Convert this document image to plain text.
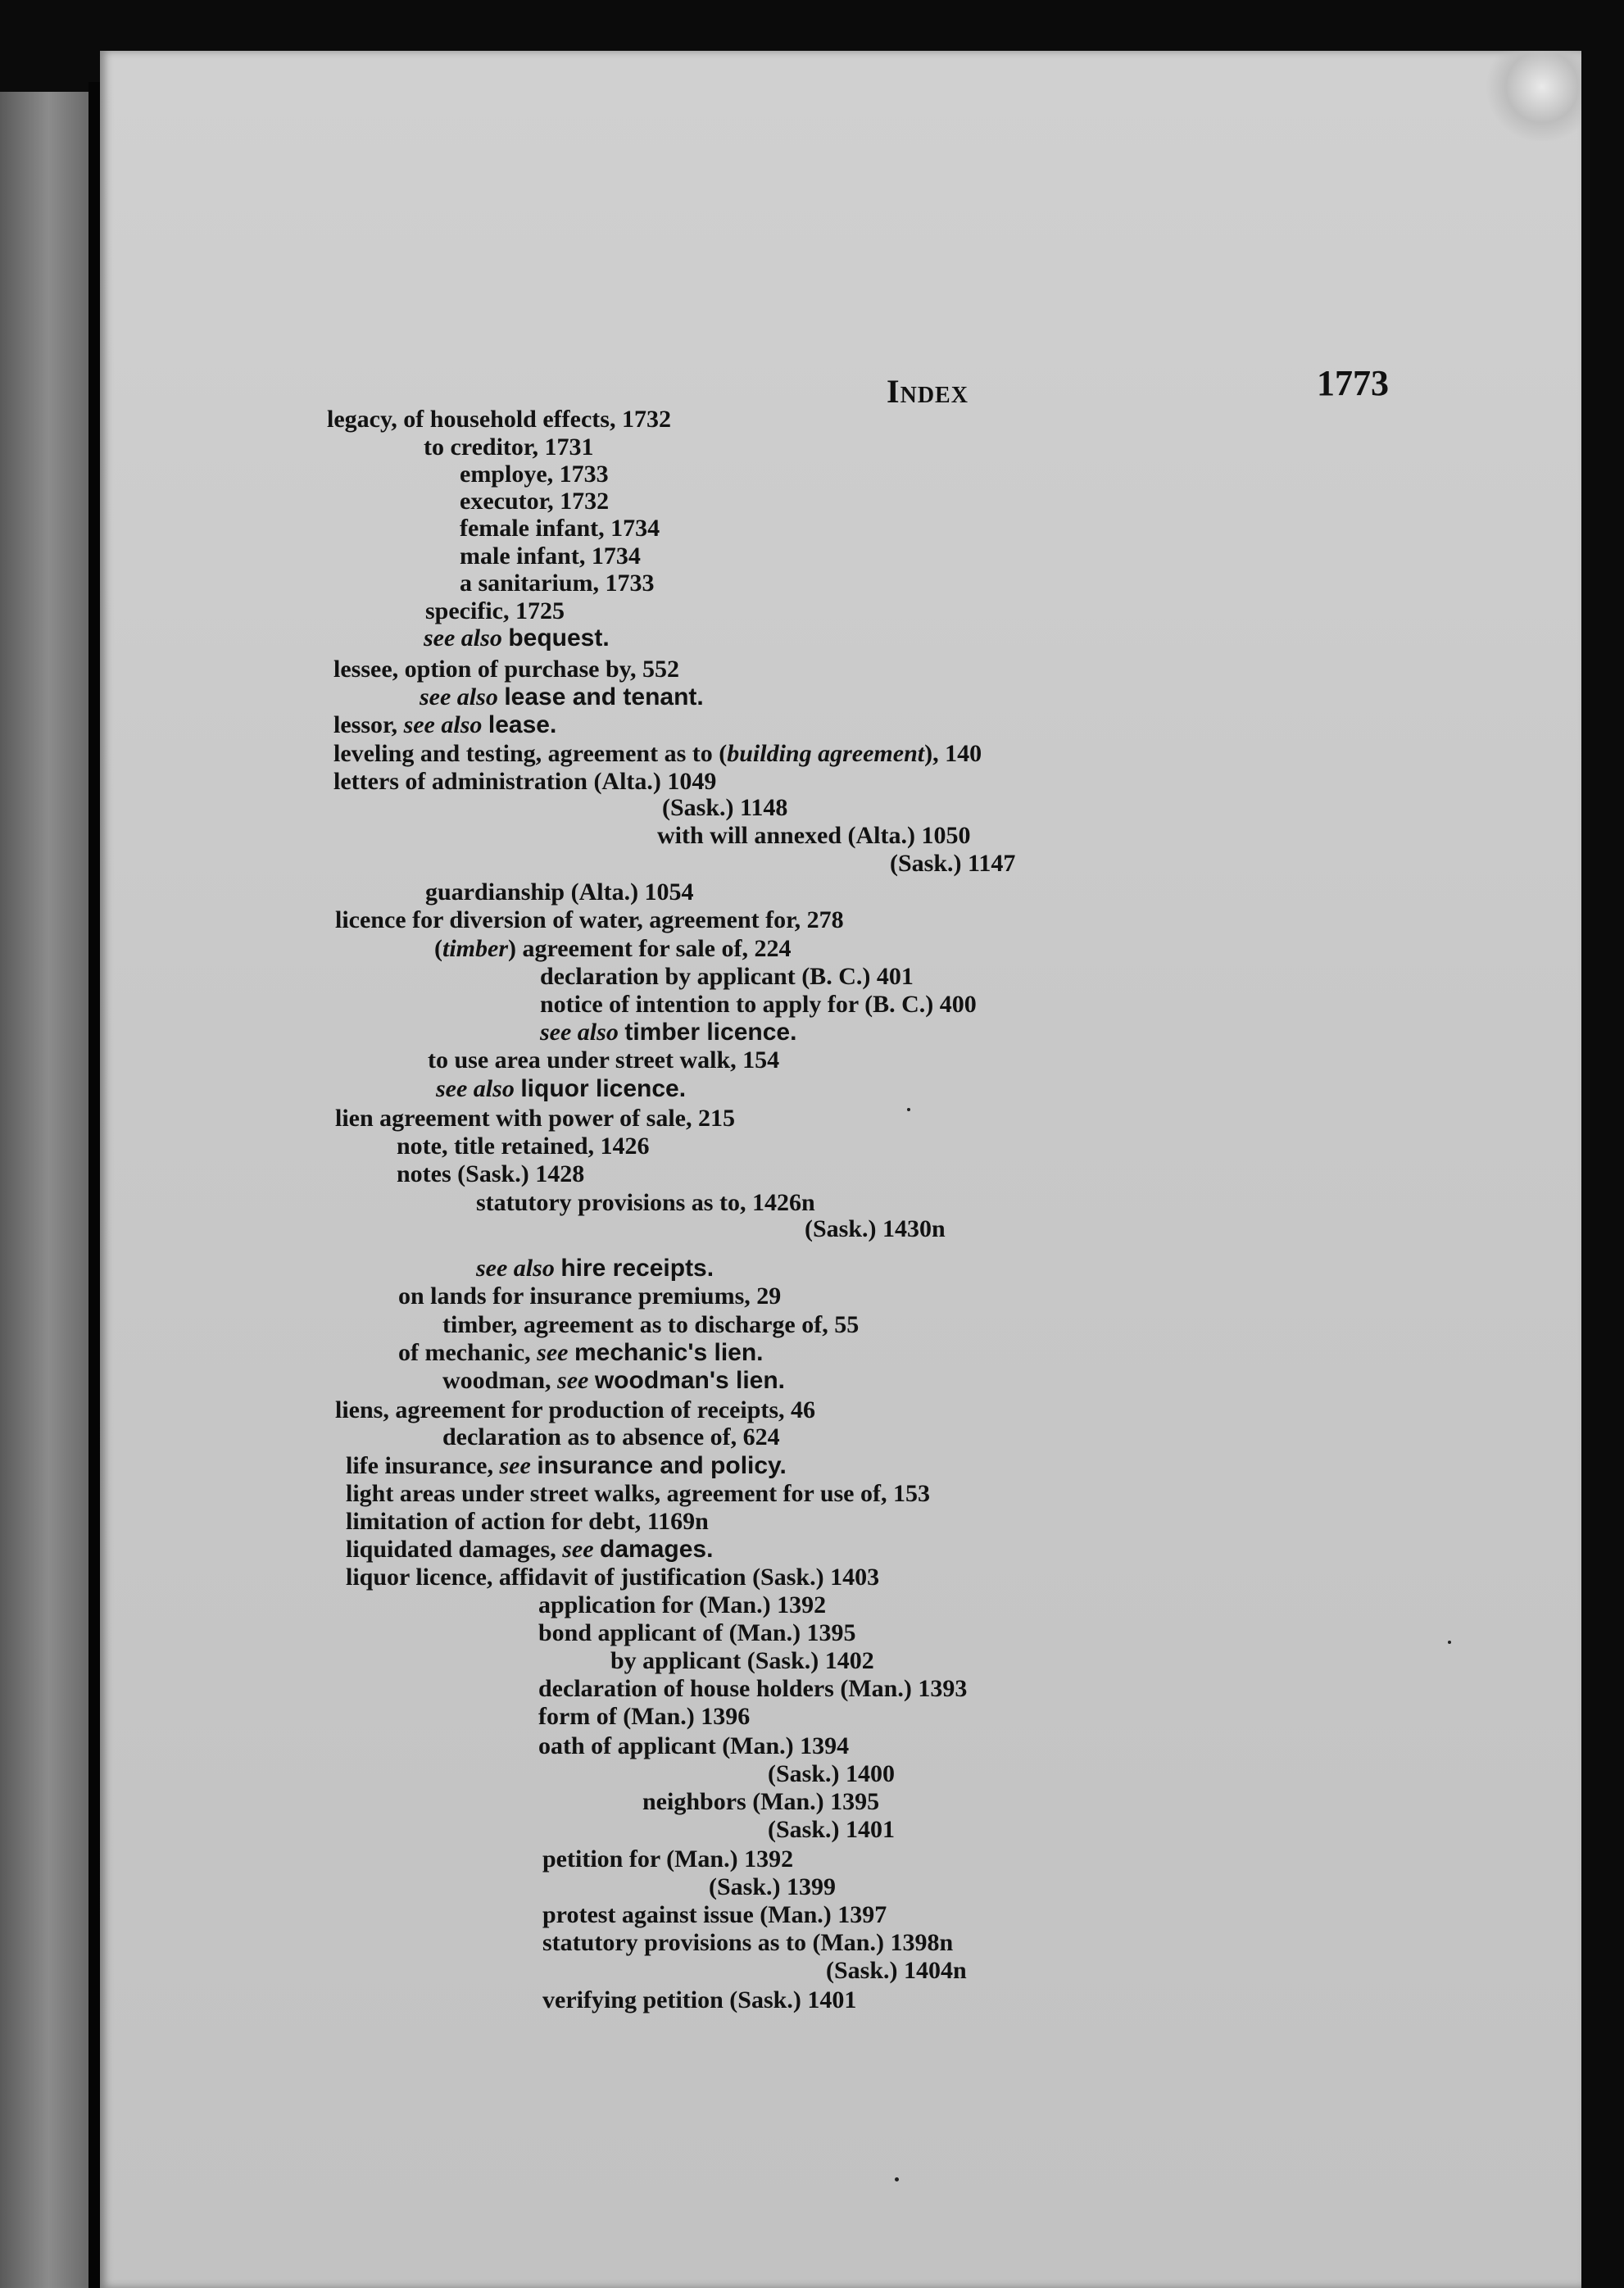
Index	1773

legacy, of household effects, 1732

to creditor, 1731

employe, 1733

executor, 1732

female infant, 1734

male infant, 1734

a sanitarium, 1733

specific, 1725

see also bequest.

lessee, option of purchase by, 552

see also lease and tenant.

lessor, see also lease.

leveling and testing, agreement as to (building agreement), 140

letters of administration (Alta.) 1049

(Sask.) 1148

with will annexed (Alta.) 1050

(Sask.) 1147

guardianship (Alta.) 1054

licence for diversion of water, agreement for, 278

(timber) agreement for sale of, 224

declaration by applicant (B. C.) 401

notice of intention to apply for (B. C.) 400

see also timber licence.

to use area under street walk, 154

see also liquor licence.

lien agreement with power of sale, 215

note, title retained, 1426

notes (Sask.) 1428

statutory provisions as to, 1426n

(Sask.) 1430n

see also hire receipts.

on lands for insurance premiums, 29

timber, agreement as to discharge of, 55

of mechanic, see mechanic's lien.

woodman, see woodman's lien.

liens, agreement for production of receipts, 46

declaration as to absence of, 624

life insurance, see insurance and policy.

light areas under street walks, agreement for use of, 153

limitation of action for debt, 1169n

liquidated damages, see damages.

liquor licence, affidavit of justification (Sask.) 1403

application for (Man.) 1392

bond applicant of (Man.) 1395

by applicant (Sask.) 1402

declaration of house holders (Man.) 1393

form of (Man.) 1396

oath of applicant (Man.) 1394

(Sask.) 1400

neighbors (Man.) 1395

(Sask.) 1401

petition for (Man.) 1392

(Sask.) 1399

protest against issue (Man.) 1397

statutory provisions as to (Man.) 1398n

(Sask.) 1404n

verifying petition (Sask.) 1401
